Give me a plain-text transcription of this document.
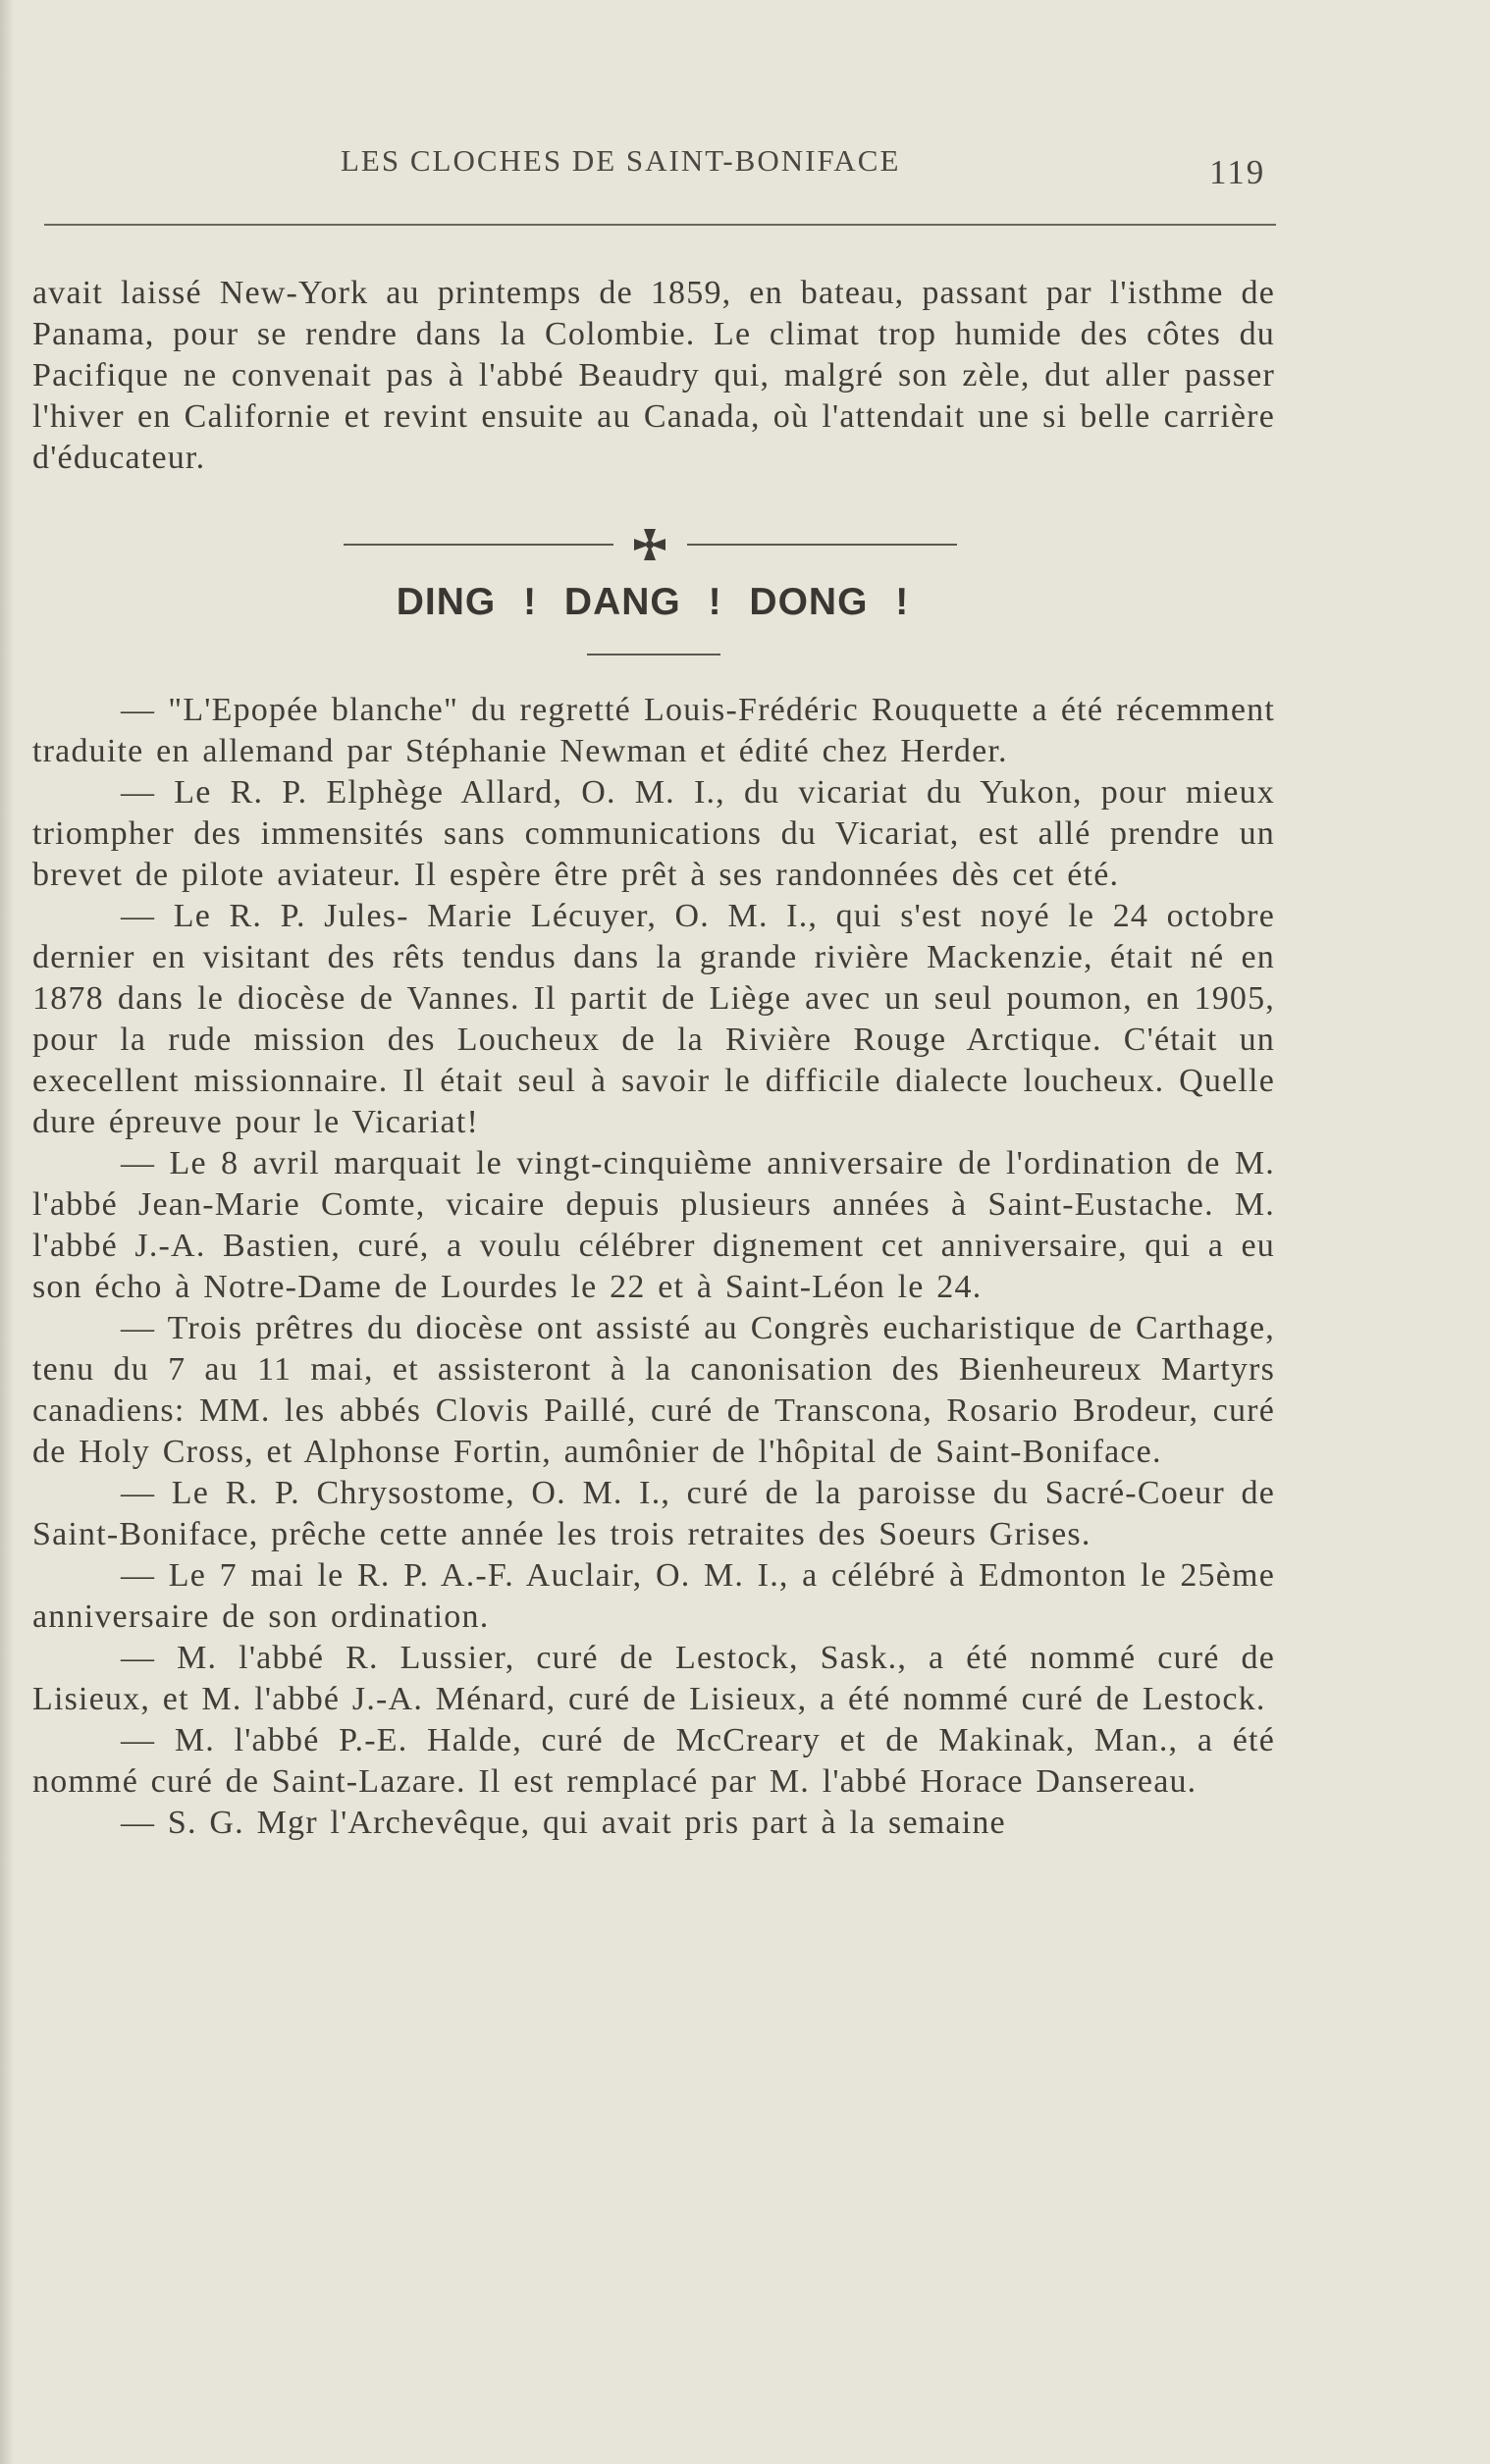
LES CLOCHES DE SAINT-BONIFACE	119

avait laissé New-York au printemps de 1859, en bateau, passant par l'isthme de Panama, pour se rendre dans la Colombie. Le climat trop humide des côtes du Pacifique ne convenait pas à l'abbé Beaudry qui, malgré son zèle, dut aller passer l'hiver en Californie et revint ensuite au Canada, où l'attendait une si belle carrière d'éducateur.

DING ! DANG ! DONG !

— "L'Epopée blanche" du regretté Louis-Frédéric Rouquette a été récemment traduite en allemand par Stéphanie Newman et édité chez Herder.

— Le R. P. Elphège Allard, O. M. I., du vicariat du Yukon, pour mieux triompher des immensités sans communications du Vicariat, est allé prendre un brevet de pilote aviateur. Il espère être prêt à ses randonnées dès cet été.

— Le R. P. Jules- Marie Lécuyer, O. M. I., qui s'est noyé le 24 octobre dernier en visitant des rêts tendus dans la grande rivière Mackenzie, était né en 1878 dans le diocèse de Vannes. Il partit de Liège avec un seul poumon, en 1905, pour la rude mission des Loucheux de la Rivière Rouge Arctique. C'était un execellent missionnaire. Il était seul à savoir le difficile dialecte loucheux. Quelle dure épreuve pour le Vicariat!

— Le 8 avril marquait le vingt-cinquième anniversaire de l'ordination de M. l'abbé Jean-Marie Comte, vicaire depuis plusieurs années à Saint-Eustache. M. l'abbé J.-A. Bastien, curé, a voulu célébrer dignement cet anniversaire, qui a eu son écho à Notre-Dame de Lourdes le 22 et à Saint-Léon le 24.

— Trois prêtres du diocèse ont assisté au Congrès eucharistique de Carthage, tenu du 7 au 11 mai, et assisteront à la canonisation des Bienheureux Martyrs canadiens: MM. les abbés Clovis Paillé, curé de Transcona, Rosario Brodeur, curé de Holy Cross, et Alphonse Fortin, aumônier de l'hôpital de Saint-Boniface.

— Le R. P. Chrysostome, O. M. I., curé de la paroisse du Sacré-Coeur de Saint-Boniface, prêche cette année les trois retraites des Soeurs Grises.

— Le 7 mai le R. P. A.-F. Auclair, O. M. I., a célébré à Edmonton le 25ème anniversaire de son ordination.

— M. l'abbé R. Lussier, curé de Lestock, Sask., a été nommé curé de Lisieux, et M. l'abbé J.-A. Ménard, curé de Lisieux, a été nommé curé de Lestock.

— M. l'abbé P.-E. Halde, curé de McCreary et de Makinak, Man., a été nommé curé de Saint-Lazare. Il est remplacé par M. l'abbé Horace Dansereau.

— S. G. Mgr l'Archevêque, qui avait pris part à la semaine
